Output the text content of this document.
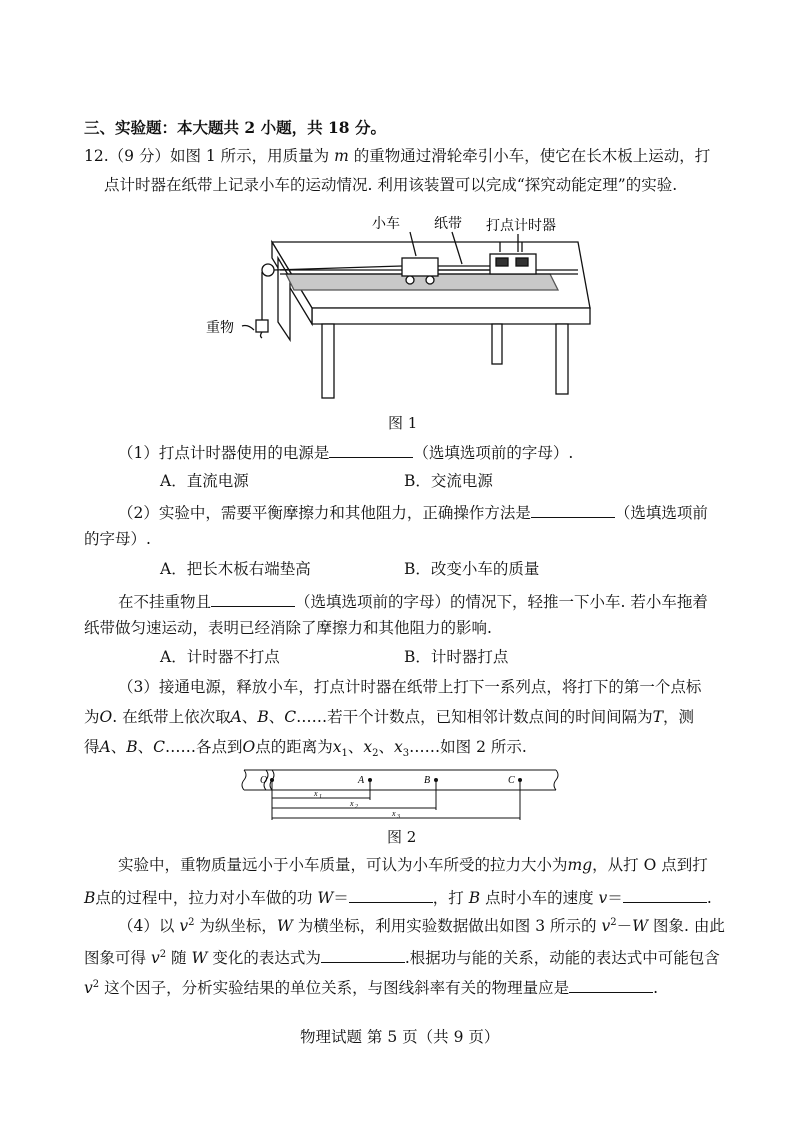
三、实验题：本大题共 2 小题，共 18 分。
12.（9 分）如图 1 所示，用质量为 m 的重物通过滑轮牵引小车，使它在长木板上运动，打
点计时器在纸带上记录小车的运动情况. 利用该装置可以完成“探究动能定理”的实验.
小车 纸带 打点计时器
重物
图 1
（1）打点计时器使用的电源是	（选填选项前的字母）.
A．直流电源	B．交流电源
（2）实验中，需要平衡摩擦力和其他阻力，正确操作方法是	（选填选项前
的字母）.
A．把长木板右端垫高	B．改变小车的质量
在不挂重物且	（选填选项前的字母）的情况下，轻推一下小车. 若小车拖着
纸带做匀速运动，表明已经消除了摩擦力和其他阻力的影响.
A．计时器不打点	B．计时器打点
（3）接通电源，释放小车，打点计时器在纸带上打下一系列点，将打下的第一个点标
为O. 在纸带上依次取A、B、C……若干个计数点，已知相邻计数点间的时间间隔为T，测
得A、B、C……各点到O点的距离为$x_1$、$x_2$、$x_3\dots\dots$如图 2 所示.
O	A	B	C
x 1
x 2
x 3
图 2
实验中，重物质量远小于小车质量，可认为小车所受的拉力大小为mg，从打 O 点到打
B点的过程中，拉力对小车做的功 W＝	，打 B 点时小车的速度 v＝	.
（4）以 $v^2$ 为纵坐标，W 为横坐标，利用实验数据做出如图 3 所示的 $v^2-W$ 图象. 由此
图象可得 $v^2$ 随 W 变化的表达式为	.根据功与能的关系，动能的表达式中可能包含
$v^2$ 这个因子，分析实验结果的单位关系，与图线斜率有关的物理量应是	.
物理试题 第 5 页（共 9 页）
